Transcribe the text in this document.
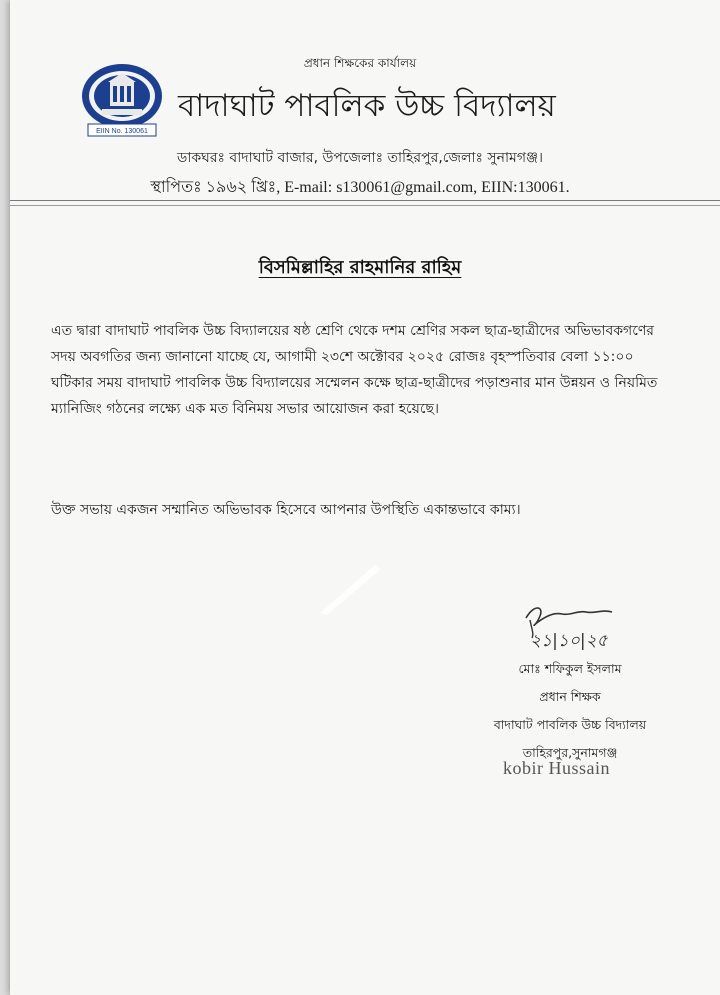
প্রধান শিক্ষকের কার্যালয়
EIIN No. 130061
বাদাঘাট পাবলিক উচ্চ বিদ্যালয়
ডাকঘরঃ বাদাঘাট বাজার, উপজেলাঃ তাহিরপুর,জেলাঃ সুনামগঞ্জ।
স্থাপিতঃ ১৯৬২ খ্রিঃ, E-mail: s130061@gmail.com, EIIN:130061.
বিসমিল্লাহির রাহমানির রাহিম
এত দ্বারা বাদাঘাট পাবলিক উচ্চ বিদ্যালয়ের ষষ্ঠ শ্রেণি থেকে দশম শ্রেণির সকল ছাত্র-ছাত্রীদের অভিভাবকগণের সদয় অবগতির জন্য জানানো যাচ্ছে যে, আগামী ২৩শে অক্টোবর ২০২৫ রোজঃ বৃহস্পতিবার বেলা ১১:০০ ঘটিকার সময় বাদাঘাট পাবলিক উচ্চ বিদ্যালয়ের সম্মেলন কক্ষে ছাত্র-ছাত্রীদের পড়াশুনার মান উন্নয়ন ও নিয়মিত ম্যানিজিং গঠনের লক্ষ্যে এক মত বিনিময় সভার আয়োজন করা হয়েছে।
উক্ত সভায় একজন সম্মানিত অভিভাবক হিসেবে আপনার উপস্থিতি একান্তভাবে কাম্য।
২১|১০|২৫
মোঃ শফিকুল ইসলাম
প্রধান শিক্ষক
বাদাঘাট পাবলিক উচ্চ বিদ্যালয়
তাহিরপুর,সুনামগঞ্জ
kobir Hussain
